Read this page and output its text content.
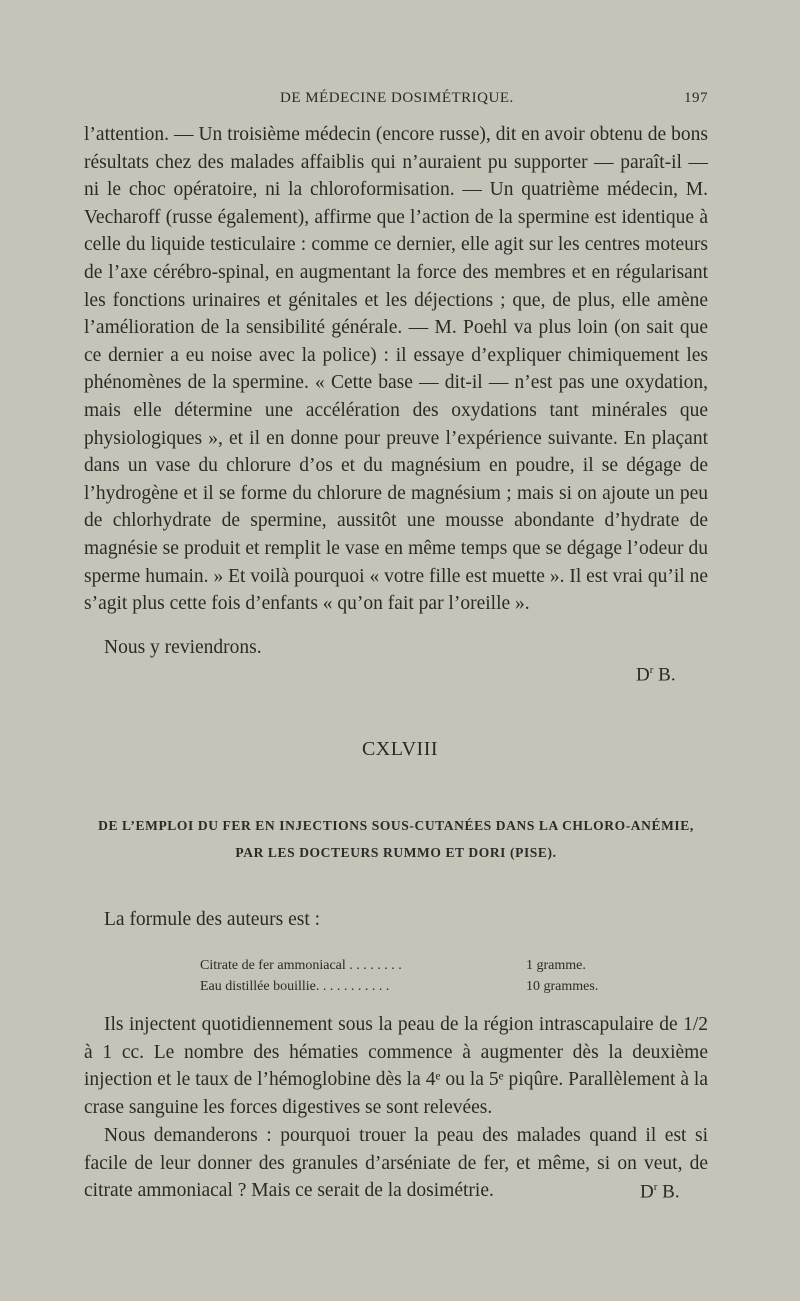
DE MÉDECINE DOSIMÉTRIQUE.	197

l’attention. — Un troisième médecin (encore russe), dit en avoir obtenu de bons résultats chez des malades affaiblis qui n’auraient pu supporter — paraît-il — ni le choc opératoire, ni la chloroformisation. — Un quatrième médecin, M. Vecharoff (russe également), affirme que l’action de la spermine est identique à celle du liquide testiculaire : comme ce dernier, elle agit sur les centres moteurs de l’axe cérébro-spinal, en augmentant la force des membres et en régularisant les fonctions urinaires et génitales et les déjections ; que, de plus, elle amène l’amélioration de la sensibilité générale. — M. Poehl va plus loin (on sait que ce dernier a eu noise avec la police) : il essaye d’expliquer chimiquement les phénomènes de la spermine. « Cette base — dit-il — n’est pas une oxydation, mais elle détermine une accélération des oxydations tant minérales que physiologiques », et il en donne pour preuve l’expérience suivante. En plaçant dans un vase du chlorure d’os et du magnésium en poudre, il se dégage de l’hydrogène et il se forme du chlorure de magnésium ; mais si on ajoute un peu de chlorhydrate de spermine, aussitôt une mousse abondante d’hydrate de magnésie se produit et remplit le vase en même temps que se dégage l’odeur du sperme humain. » Et voilà pourquoi « votre fille est muette ». Il est vrai qu’il ne s’agit plus cette fois d’enfants « qu’on fait par l’oreille ».

Nous y reviendrons.

$D^r$ B.
CXLVIII
DE L’EMPLOI DU FER EN INJECTIONS SOUS-CUTANÉES DANS LA CHLORO-ANÉMIE,
PAR LES DOCTEURS RUMMO ET DORI (PISE).

La formule des auteurs est :

Citrate de fer ammoniacal . . . . . . . .	1 gramme.
Eau distillée bouillie. . . . . . . . . . .	10 grammes.

Ils injectent quotidiennement sous la peau de la région intrascapulaire de 1/2 à 1 cc. Le nombre des hématies commence à augmenter dès la deuxième injection et le taux de l’hémoglobine dès la 4ᵉ ou la 5ᵉ piqûre. Parallèlement à la crase sanguine les forces digestives se sont relevées.

Nous demanderons : pourquoi trouer la peau des malades quand il est si facile de leur donner des granules d’arséniate de fer, et même, si on veut, de citrate ammoniacal ? Mais ce serait de la dosimétrie.	$D^r$ B.
